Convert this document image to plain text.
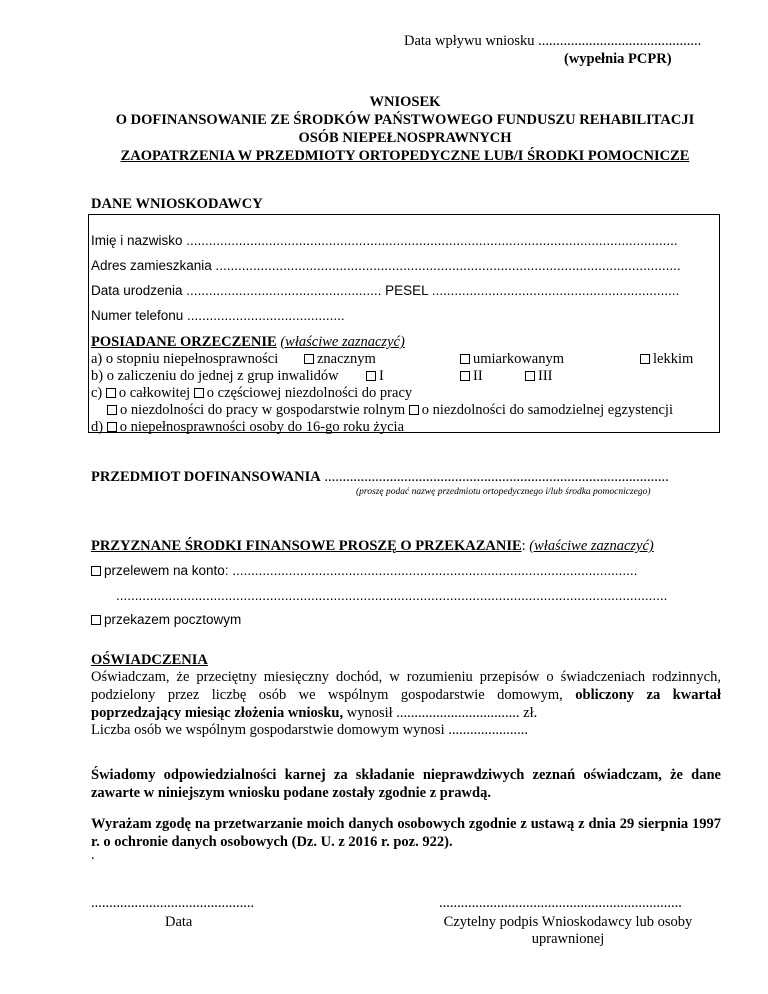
Data wpływu wniosku .............................................
(wypełnia PCPR)
WNIOSEK
O DOFINANSOWANIE ZE ŚRODKÓW PAŃSTWOWEGO FUNDUSZU REHABILITACJI
OSÓB NIEPEŁNOSPRAWNYCH
ZAOPATRZENIA W PRZEDMIOTY ORTOPEDYCZNE LUB/I ŚRODKI POMOCNICZE
DANE WNIOSKODAWCY
Imię i nazwisko ...................................................................................................................................
Adres zamieszkania ............................................................................................................................
Data urodzenia .................................................... PESEL ..................................................................
Numer telefonu ..........................................
POSIADANE ORZECZENIE (właściwe zaznaczyć)
a) o stopniu niepełnosprawności	znacznym	umiarkowanym	lekkim
b) o zaliczeniu do jednej z grup inwalidów	I	II	III
c) o całkowitej o częściowej niezdolności do pracy
o niezdolności do pracy w gospodarstwie rolnym o niezdolności do samodzielnej egzystencji
d) o niepełnosprawności osoby do 16-go roku życia
PRZEDMIOT DOFINANSOWANIA ...............................................................................................
(proszę podać nazwę przedmiotu ortopedycznego i/lub środka pomocniczego)
PRZYZNANE ŚRODKI FINANSOWE PROSZĘ O PRZEKAZANIE: (właściwe zaznaczyć)
przelewem na konto: ............................................................................................................
...................................................................................................................................................
przekazem pocztowym
OŚWIADCZENIA
Oświadczam, że przeciętny miesięczny dochód, w rozumieniu przepisów o świadczeniach rodzinnych, podzielony przez liczbę osób we wspólnym gospodarstwie domowym, obliczony za kwartał poprzedzający miesiąc złożenia wniosku, wynosił .................................. zł.
Liczba osób we wspólnym gospodarstwie domowym wynosi ......................
Świadomy odpowiedzialności karnej za składanie nieprawdziwych zeznań oświadczam, że dane zawarte w niniejszym wniosku podane zostały zgodnie z prawdą.
Wyrażam zgodę na przetwarzanie moich danych osobowych zgodnie z ustawą z dnia 29 sierpnia 1997 r. o ochronie danych osobowych (Dz. U. z 2016 r. poz. 922).
.
.............................................
Data
...................................................................
Czytelny podpis Wnioskodawcy lub osoby
uprawnionej
